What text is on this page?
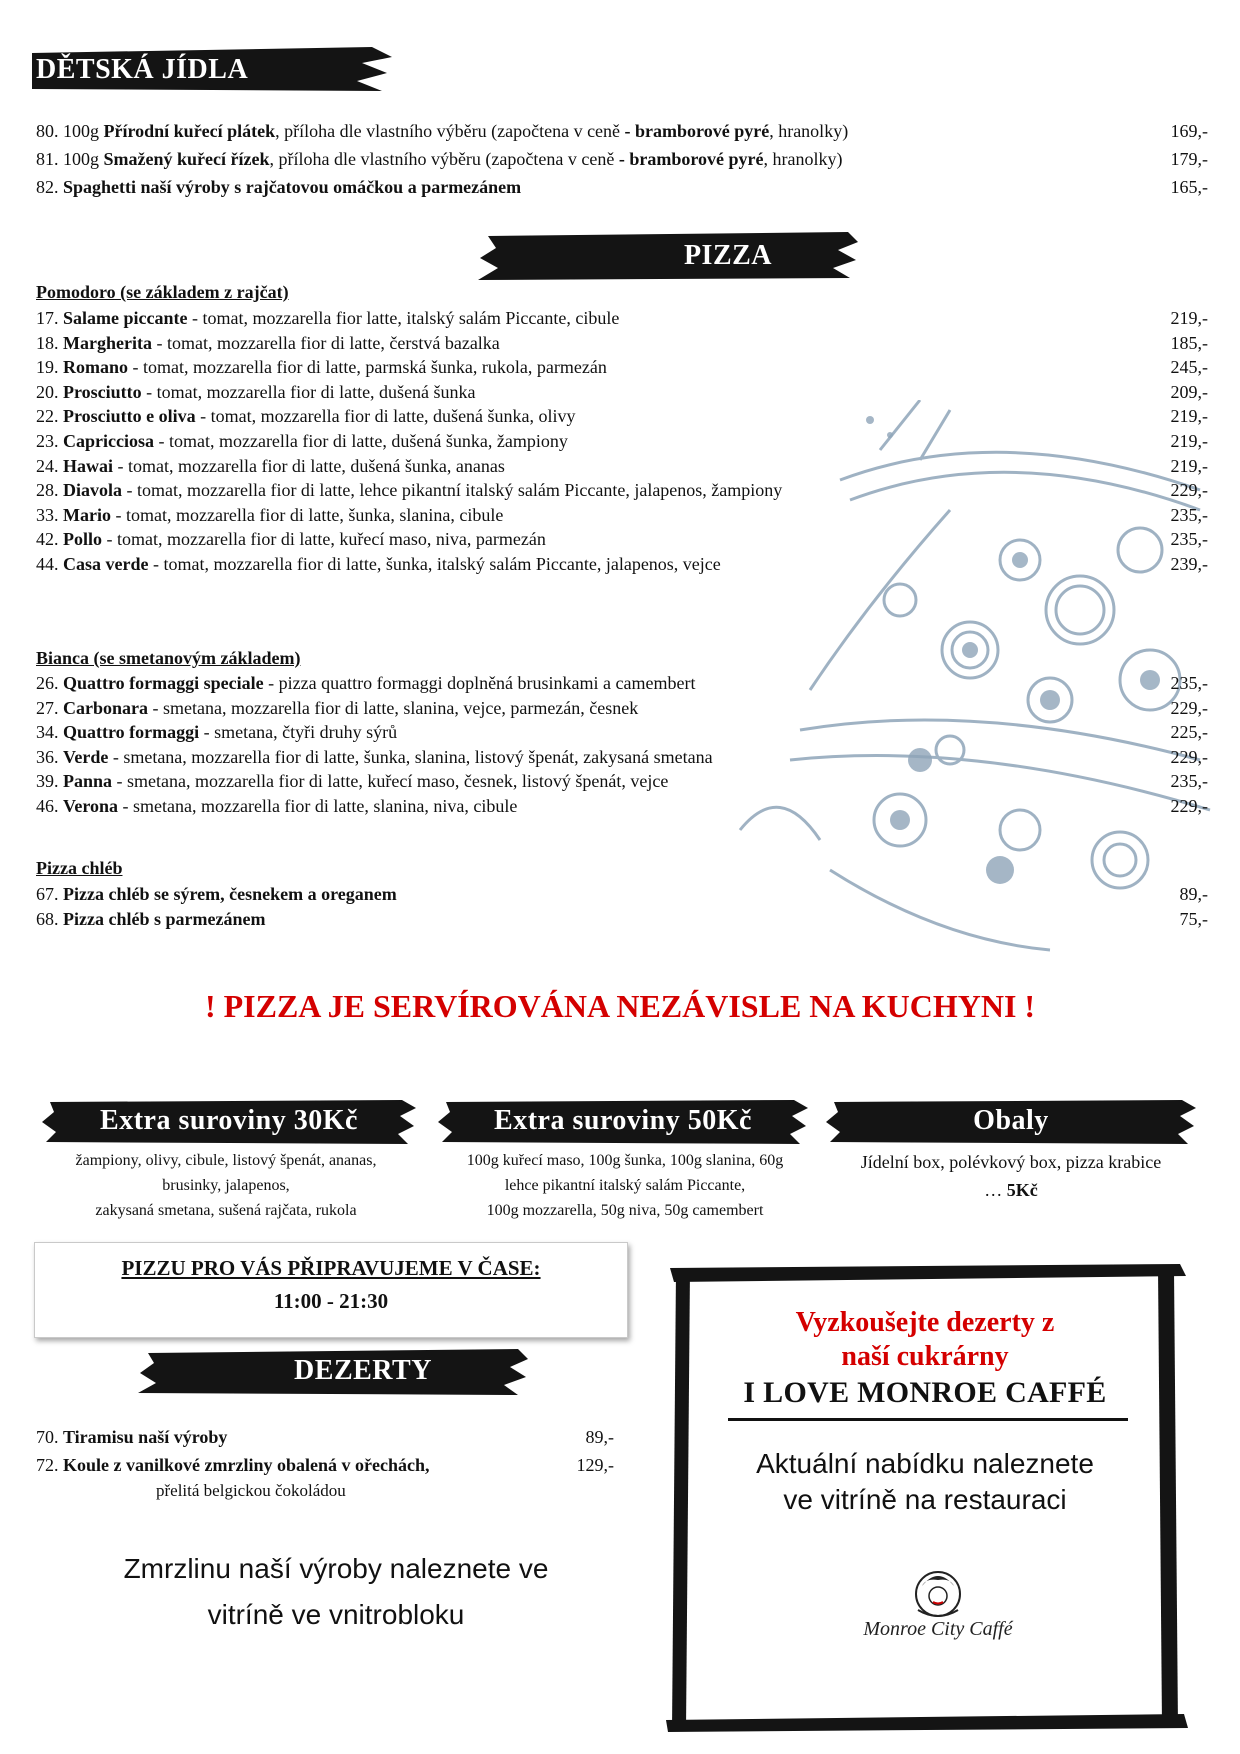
DĚTSKÁ JÍDLA
80. 100g Přírodní kuřecí plátek, příloha dle vlastního výběru (započtena v ceně - bramborové pyré, hranolky)	169,-
81. 100g Smažený kuřecí řízek, příloha dle vlastního výběru (započtena v ceně - bramborové pyré, hranolky)	179,-
82. Spaghetti naší výroby s rajčatovou omáčkou a parmezánem	165,-
PIZZA
Pomodoro (se základem z rajčat)
17. Salame piccante - tomat, mozzarella fior latte, italský salám Piccante, cibule	219,-
18. Margherita - tomat, mozzarella fior di latte, čerstvá bazalka	185,-
19. Romano - tomat, mozzarella fior di latte, parmská šunka, rukola, parmezán	245,-
20. Prosciutto - tomat, mozzarella fior di latte, dušená šunka	209,-
22. Prosciutto e oliva - tomat, mozzarella fior di latte, dušená šunka, olivy	219,-
23. Capricciosa - tomat, mozzarella fior di latte, dušená šunka, žampiony	219,-
24. Hawai - tomat, mozzarella fior di latte, dušená šunka, ananas	219,-
28. Diavola - tomat, mozzarella fior di latte, lehce pikantní italský salám Piccante, jalapenos, žampiony	229,-
33. Mario - tomat, mozzarella fior di latte, šunka, slanina, cibule	235,-
42. Pollo - tomat, mozzarella fior di latte, kuřecí maso, niva, parmezán	235,-
44. Casa verde - tomat, mozzarella fior di latte, šunka, italský salám Piccante, jalapenos, vejce	239,-
Bianca (se smetanovým základem)
26. Quattro formaggi speciale - pizza quattro formaggi doplněná brusinkami a camembert	235,-
27. Carbonara - smetana, mozzarella fior di latte, slanina, vejce, parmezán, česnek	229,-
34. Quattro formaggi - smetana, čtyři druhy sýrů	225,-
36. Verde - smetana, mozzarella fior di latte, šunka, slanina, listový špenát, zakysaná smetana	229,-
39. Panna - smetana, mozzarella fior di latte, kuřecí maso, česnek, listový špenát, vejce	235,-
46. Verona - smetana, mozzarella fior di latte, slanina, niva, cibule	229,-
Pizza chléb
67. Pizza chléb se sýrem, česnekem a oreganem	89,-
68. Pizza chléb s parmezánem	75,-
! PIZZA JE SERVÍROVÁNA NEZÁVISLE NA KUCHYNI !
Extra suroviny 30Kč	Extra suroviny 50Kč	Obaly
žampiony, olivy, cibule, listový špenát, ananas,
brusinky, jalapenos,
zakysaná smetana, sušená rajčata, rukola
100g kuřecí maso, 100g šunka, 100g slanina, 60g
lehce pikantní italský salám Piccante,
100g mozzarella, 50g niva, 50g camembert
Jídelní box, polévkový box, pizza krabice
… 5Kč
PIZZU PRO VÁS PŘIPRAVUJEME V ČASE:
11:00 - 21:30
DEZERTY
70. Tiramisu naší výroby	89,-
72. Koule z vanilkové zmrzliny obalená v ořechách,	129,-
přelitá belgickou čokoládou
Zmrzlinu naší výroby naleznete ve
vitríně ve vnitrobloku
Vyzkoušejte dezerty z
naší cukrárny
I LOVE MONROE CAFFÉ
Aktuální nabídku naleznete
ve vitríně na restauraci
Monroe City Caffé
